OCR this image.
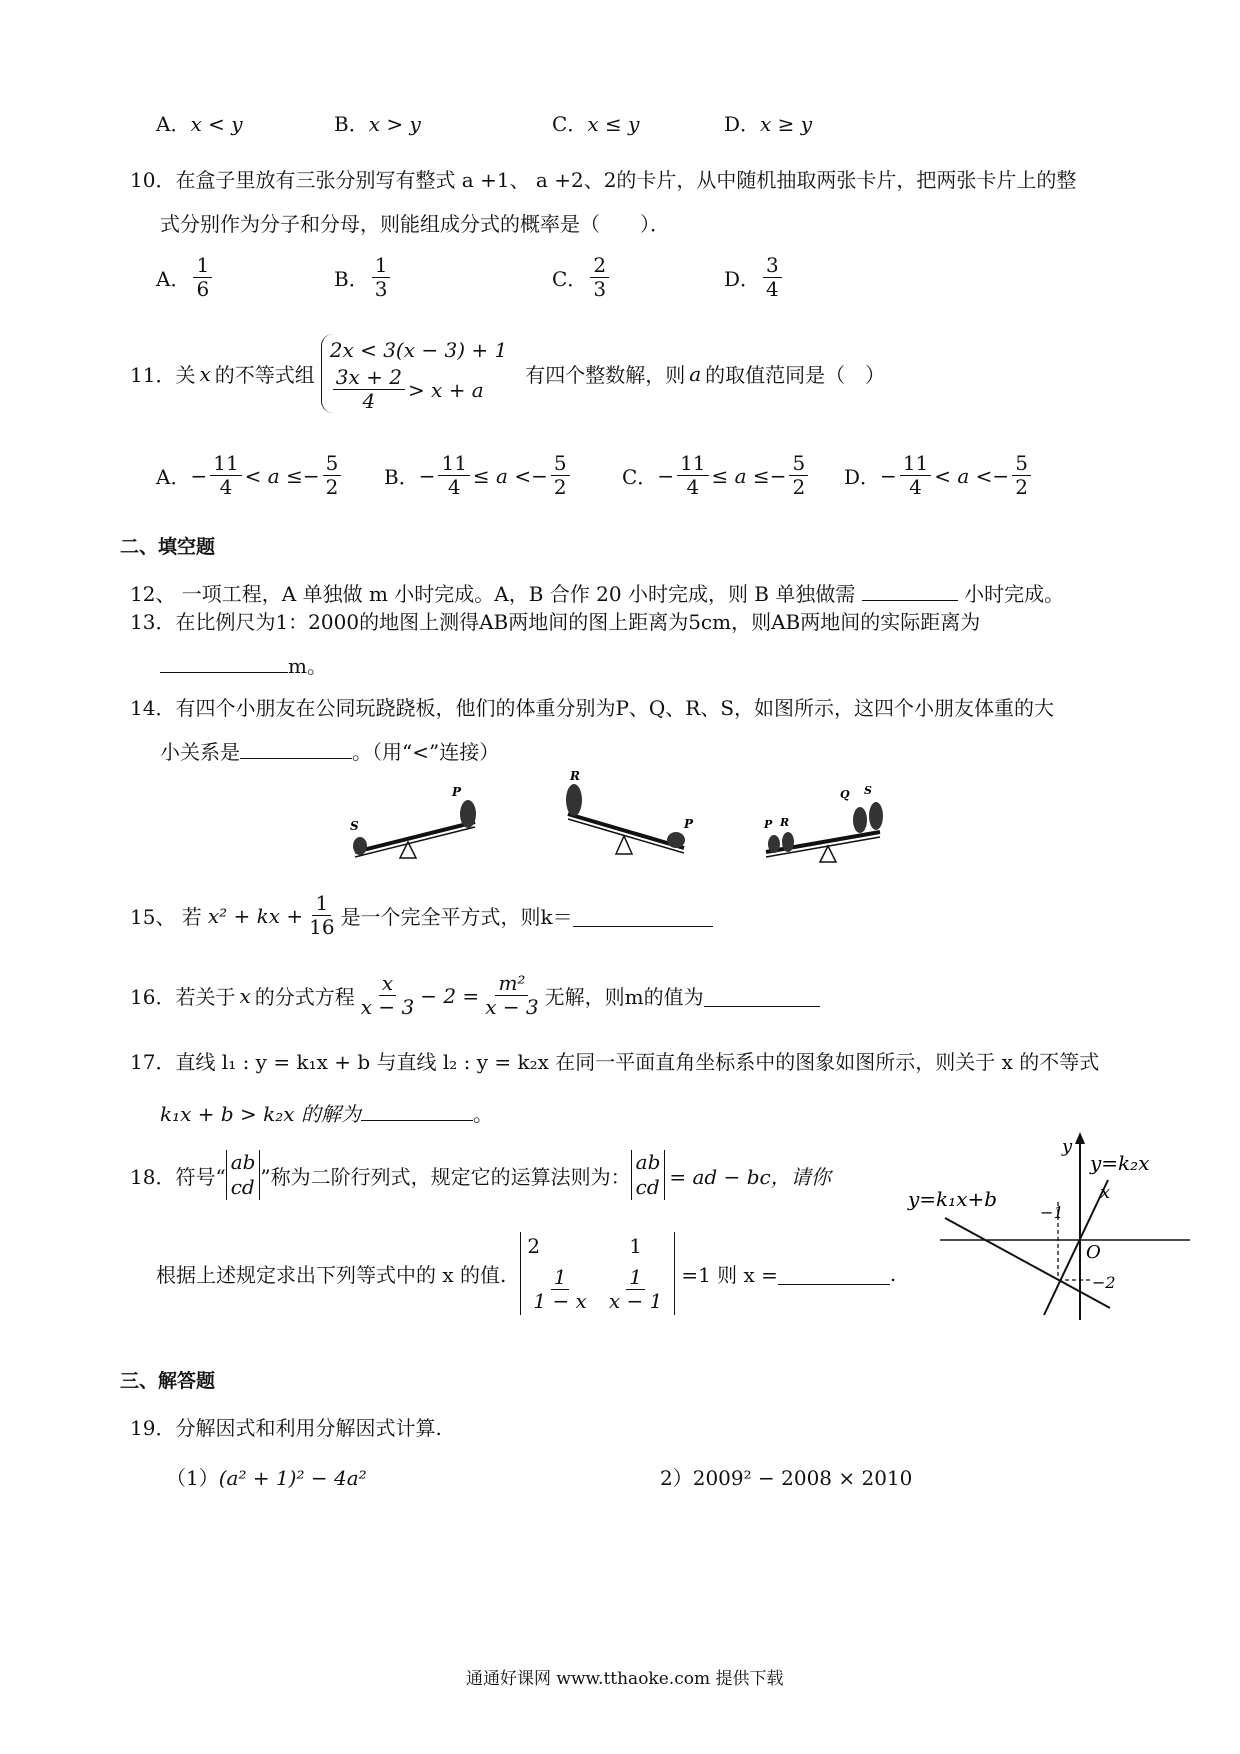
A．x < y	B．x > y	C．x ≤ y	D．x ≥ y
10．在盒子里放有三张分别写有整式 a +1、 a +2、2的卡片，从中随机抽取两张卡片，把两张卡片上的整
式分别作为分子和分母，则能组成分式的概率是（　　）．
A． $\frac{1}{6}$	B． $\frac{1}{3}$	C． $\frac{2}{3}$	D． $\frac{3}{4}$
11．关 x 的不等式组
2x < 3(x − 3) + 1
$\frac{3x + 2}{4} > x + a$
有四个整数解，则 a 的取值范同是（　）
A． − $\frac{11}{4} < a$ ≤ − $\frac{5}{2}$ B． − $\frac{11}{4} \le a$ < − $\frac{5}{2}$	C． − $\frac{11}{4} \le a$ ≤ − $\frac{5}{2}$ D． − $\frac{11}{4} < a$ < − $\frac{5}{2}$
二、填空题
12、 一项工程，A 单独做 m 小时完成。A，B 合作 20 小时完成，则 B 单独做需	小时完成。
13．在比例尺为1：2000的地图上测得AB两地间的图上距离为5cm，则AB两地间的实际距离为
m。
14．有四个小朋友在公同玩跷跷板，他们的体重分别为P、Q、R、S，如图所示，这四个小朋友体重的大
小关系是	。（用“<”连接）
S
P
R
P	P R
Q S
15、 若 x² + kx + $\frac{1}{16}$ 是一个完全平方式，则k＝
16．若关于 x 的分式方程 $\frac{x}{x - 3} - 2 = \frac{\text{m²}}{x - 3}$ 无解，则m的值为
17．直线 l₁ : y = k₁x + b 与直线 l₂ : y = k₂x 在同一平面直角坐标系中的图象如图所示，则关于 x 的不等式
k₁x + b > k₂x 的解为	。
18．符号“
ab
cd ”称为二阶行列式，规定它的运算法则为：
ab
cd = ad − bc，请你
根据上述规定求出下列等式中的 x 的值.
2	1
$\frac{1}{1 - x} \frac{1}{x - 1} =1$ 则 x =	.
y
x
O
−1
−2
y=k₁x+b
y=k₂x
三、解答题
19．分解因式和利用分解因式计算.
（1）(a² + 1)² − 4a²	2）2009² − 2008 × 2010
通通好课网 www.tthaoke.com 提供下载
